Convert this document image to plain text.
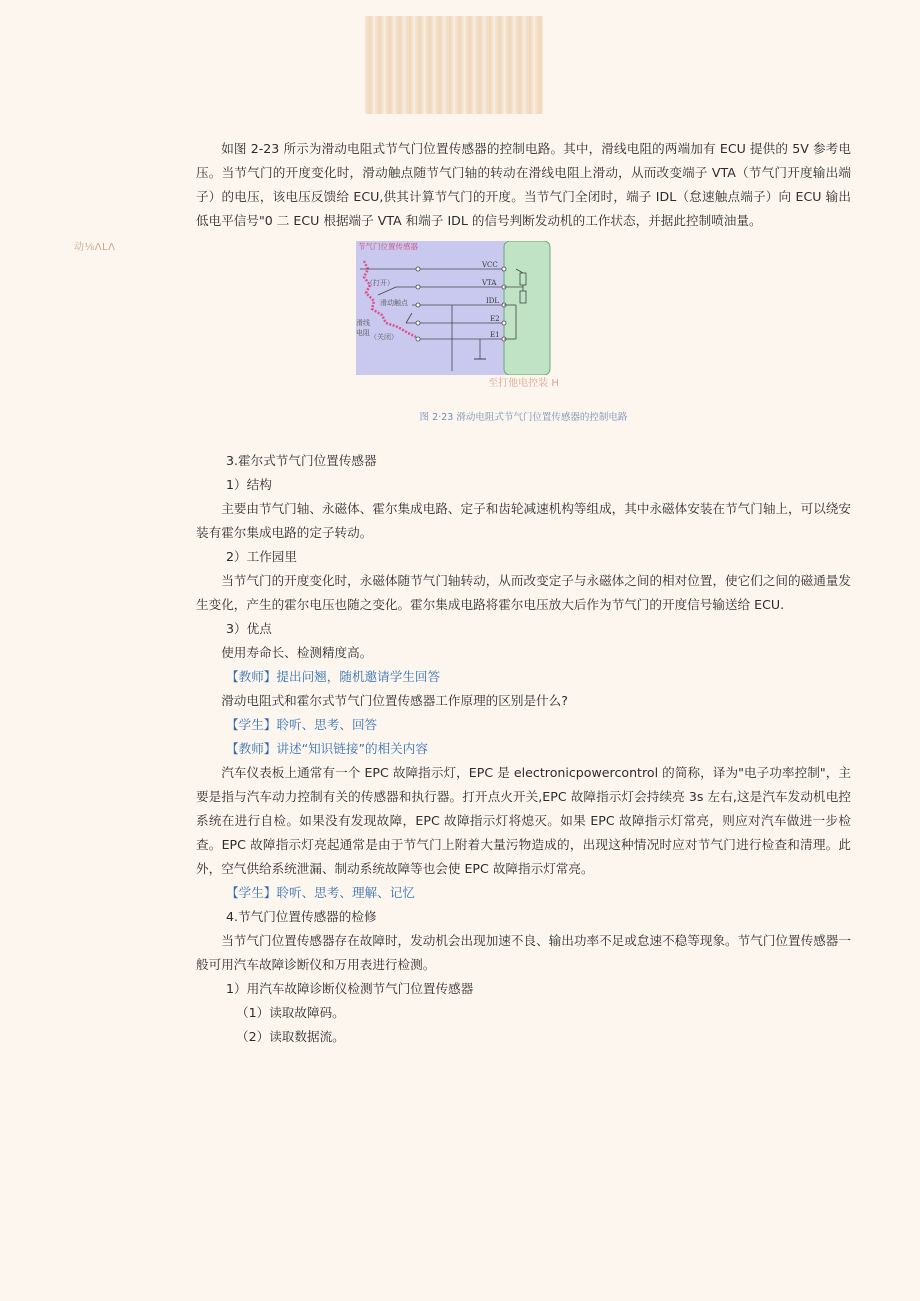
动⅛ΛLΛ

如图 2-23 所示为滑动电阻式节气门位置传感器的控制电路。其中，滑线电阻的两端加有 ECU 提供的 5V 参考电压。当节气门的开度变化时，滑动触点随节气门轴的转动在滑线电阻上滑动，从而改变端子 VTA（节气门开度输出端子）的电压，该电压反馈给 ECU,供其计算节气门的开度。当节气门全闭时，端子 IDL（怠速触点端子）向 ECU 输出低电平信号"0 二 ECU 根据端子 VTA 和端子 IDL 的信号判断发动机的工作状态，并据此控制喷油量。

节气门位置传感器
（打开）
滑动触点
滑线
电阻 （关闭）
VCC
VTA
IDL
E2
E1
至打他电控装 H
图 2·23 滑动电阻式节气门位置传感器的控制电路

3.霍尔式节气门位置传感器

1）结构

主要由节气门轴、永磁体、霍尔集成电路、定子和齿轮减速机构等组成，其中永磁体安装在节气门轴上，可以绕安装有霍尔集成电路的定子转动。

2）工作园里

当节气门的开度变化时，永磁体随节气门轴转动，从而改变定子与永磁体之间的相对位置，使它们之间的磁通量发生变化，产生的霍尔电压也随之变化。霍尔集成电路将霍尔电压放大后作为节气门的开度信号输送给 ECU.

3）优点

使用寿命长、检测精度高。

【教师】提出问翘，随机邀请学生回答

滑动电阻式和霍尔式节气门位置传感器工作原理的区别是什么?

【学生】聆听、思考、回答

【教师】讲述“知识链接”的相关内容

汽车仪表板上通常有一个 EPC 故障指示灯，EPC 是 electronicpowercontrol 的简称，译为"电子功率控制"，主要是指与汽车动力控制有关的传感器和执行器。打开点火开关,EPC 故障指示灯会持续亮 3s 左右,这是汽车发动机电控系统在进行自检。如果没有发现故障，EPC 故障指示灯将熄灭。如果 EPC 故障指示灯常亮，则应对汽车做进一步检查。EPC 故障指示灯亮起通常是由于节气门上附着大量污物造成的，出现这种情况时应对节气门进行检查和清理。此外，空气供给系统泄漏、制动系统故障等也会使 EPC 故障指示灯常亮。

【学生】聆听、思考、理解、记忆

4.节气门位置传感器的检修

当节气门位置传感器存在故障时，发动机会出现加速不良、输出功率不足或怠速不稳等现象。节气门位置传感器一般可用汽车故障诊断仪和万用表进行检测。

1）用汽车故障诊断仪检测节气门位置传感器

（1）读取故障码。

（2）读取数据流。
